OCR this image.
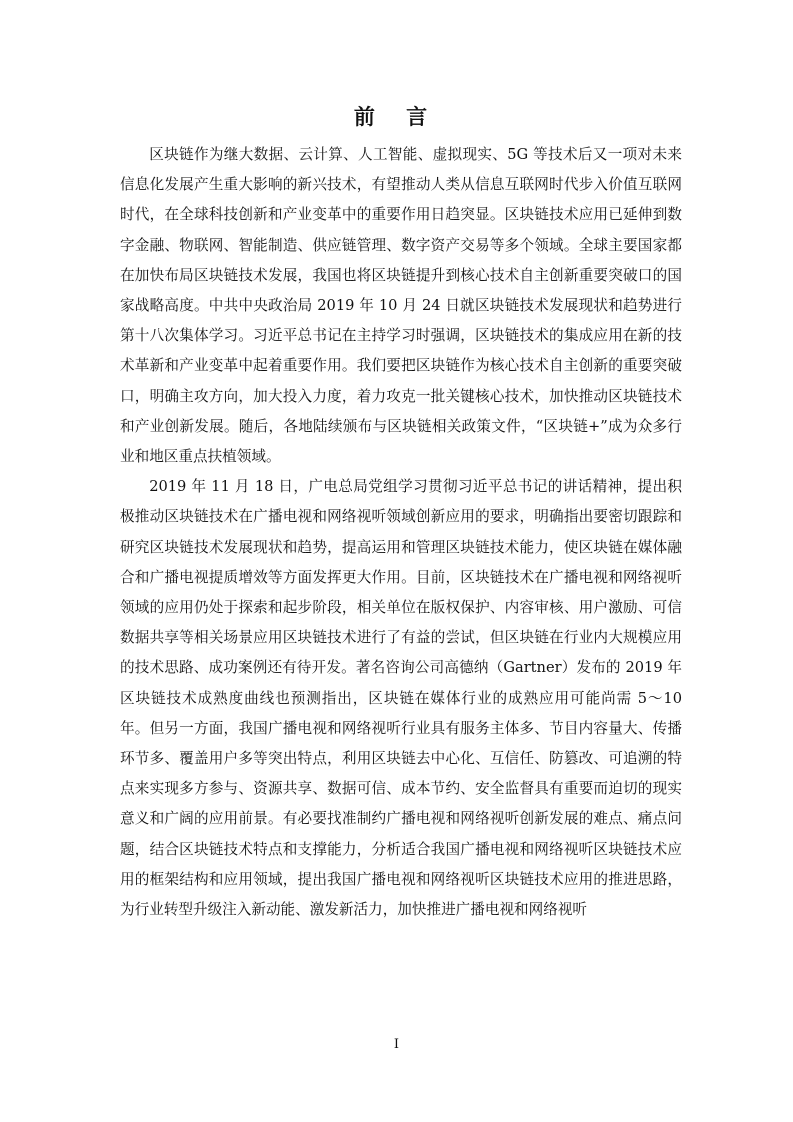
前 言

区块链作为继大数据、云计算、人工智能、虚拟现实、5G 等技术后又一项对未来信息化发展产生重大影响的新兴技术，有望推动人类从信息互联网时代步入价值互联网时代，在全球科技创新和产业变革中的重要作用日趋突显。区块链技术应用已延伸到数字金融、物联网、智能制造、供应链管理、数字资产交易等多个领域。全球主要国家都在加快布局区块链技术发展，我国也将区块链提升到核心技术自主创新重要突破口的国家战略高度。中共中央政治局 2019 年 10 月 24 日就区块链技术发展现状和趋势进行第十八次集体学习。习近平总书记在主持学习时强调，区块链技术的集成应用在新的技术革新和产业变革中起着重要作用。我们要把区块链作为核心技术自主创新的重要突破口，明确主攻方向，加大投入力度，着力攻克一批关键核心技术，加快推动区块链技术和产业创新发展。随后，各地陆续颁布与区块链相关政策文件，“区块链+”成为众多行业和地区重点扶植领域。

2019 年 11 月 18 日，广电总局党组学习贯彻习近平总书记的讲话精神，提出积极推动区块链技术在广播电视和网络视听领域创新应用的要求，明确指出要密切跟踪和研究区块链技术发展现状和趋势，提高运用和管理区块链技术能力，使区块链在媒体融合和广播电视提质增效等方面发挥更大作用。目前，区块链技术在广播电视和网络视听领域的应用仍处于探索和起步阶段，相关单位在版权保护、内容审核、用户激励、可信数据共享等相关场景应用区块链技术进行了有益的尝试，但区块链在行业内大规模应用的技术思路、成功案例还有待开发。著名咨询公司高德纳（Gartner）发布的 2019 年区块链技术成熟度曲线也预测指出，区块链在媒体行业的成熟应用可能尚需 5～10 年。但另一方面，我国广播电视和网络视听行业具有服务主体多、节目内容量大、传播环节多、覆盖用户多等突出特点，利用区块链去中心化、互信任、防篡改、可追溯的特点来实现多方参与、资源共享、数据可信、成本节约、安全监督具有重要而迫切的现实意义和广阔的应用前景。有必要找准制约广播电视和网络视听创新发展的难点、痛点问题，结合区块链技术特点和支撑能力，分析适合我国广播电视和网络视听区块链技术应用的框架结构和应用领域，提出我国广播电视和网络视听区块链技术应用的推进思路，为行业转型升级注入新动能、激发新活力，加快推进广播电视和网络视听

I
